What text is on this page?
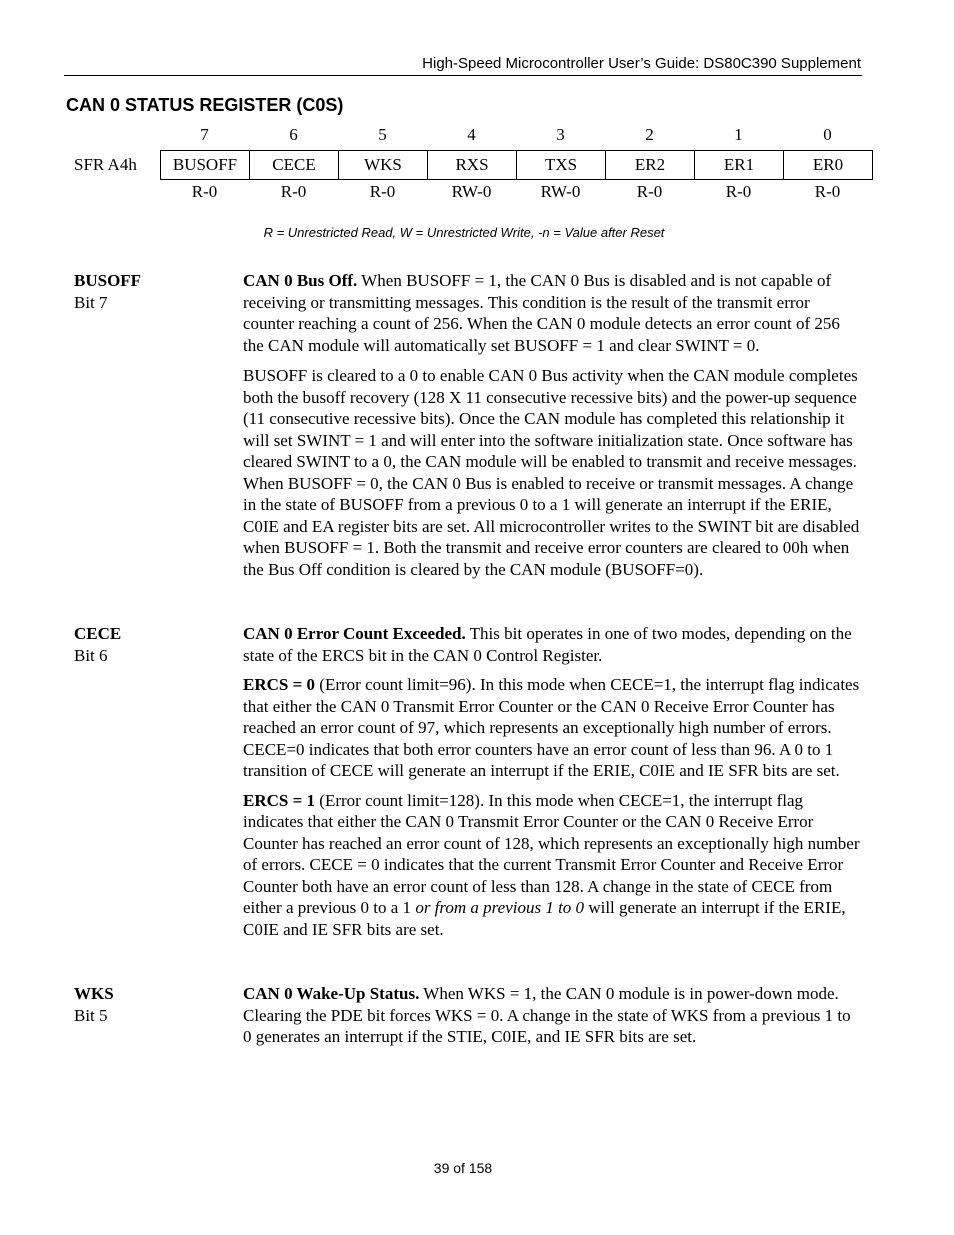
High-Speed Microcontroller User’s Guide: DS80C390 Supplement
CAN 0 STATUS REGISTER (C0S)
7	6	5	4	3	2	1	0
SFR A4h BUSOFF	CECE	WKS	RXS	TXS	ER2	ER1	ER0
R-0	R-0	R-0	RW-0	RW-0	R-0	R-0	R-0
R = Unrestricted Read, W = Unrestricted Write, -n = Value after Reset
BUSOFF
Bit 7

CAN 0 Bus Off. When BUSOFF = 1, the CAN 0 Bus is disabled and is not capable of receiving or transmitting messages. This condition is the result of the transmit error counter reaching a count of 256. When the CAN 0 module detects an error count of 256 the CAN module will automatically set BUSOFF = 1 and clear SWINT = 0.

BUSOFF is cleared to a 0 to enable CAN 0 Bus activity when the CAN module completes both the busoff recovery (128 X 11 consecutive recessive bits) and the power-up sequence (11 consecutive recessive bits). Once the CAN module has completed this relationship it will set SWINT = 1 and will enter into the software initialization state. Once software has cleared SWINT to a 0, the CAN module will be enabled to transmit and receive messages. When BUSOFF = 0, the CAN 0 Bus is enabled to receive or transmit messages. A change in the state of BUSOFF from a previous 0 to a 1 will generate an interrupt if the ERIE, C0IE and EA register bits are set. All microcontroller writes to the SWINT bit are disabled when BUSOFF = 1. Both the transmit and receive error counters are cleared to 00h when the Bus Off condition is cleared by the CAN module (BUSOFF=0).

CECE
Bit 6

CAN 0 Error Count Exceeded. This bit operates in one of two modes, depending on the state of the ERCS bit in the CAN 0 Control Register.

ERCS = 0 (Error count limit=96). In this mode when CECE=1, the interrupt flag indicates that either the CAN 0 Transmit Error Counter or the CAN 0 Receive Error Counter has reached an error count of 97, which represents an exceptionally high number of errors. CECE=0 indicates that both error counters have an error count of less than 96. A 0 to 1 transition of CECE will generate an interrupt if the ERIE, C0IE and IE SFR bits are set.

ERCS = 1 (Error count limit=128). In this mode when CECE=1, the interrupt flag indicates that either the CAN 0 Transmit Error Counter or the CAN 0 Receive Error Counter has reached an error count of 128, which represents an exceptionally high number of errors. CECE = 0 indicates that the current Transmit Error Counter and Receive Error Counter both have an error count of less than 128. A change in the state of CECE from either a previous 0 to a 1 or from a previous 1 to 0 will generate an interrupt if the ERIE, C0IE and IE SFR bits are set.

WKS
Bit 5

CAN 0 Wake-Up Status. When WKS = 1, the CAN 0 module is in power-down mode. Clearing the PDE bit forces WKS = 0. A change in the state of WKS from a previous 1 to 0 generates an interrupt if the STIE, C0IE, and IE SFR bits are set.

39 of 158
